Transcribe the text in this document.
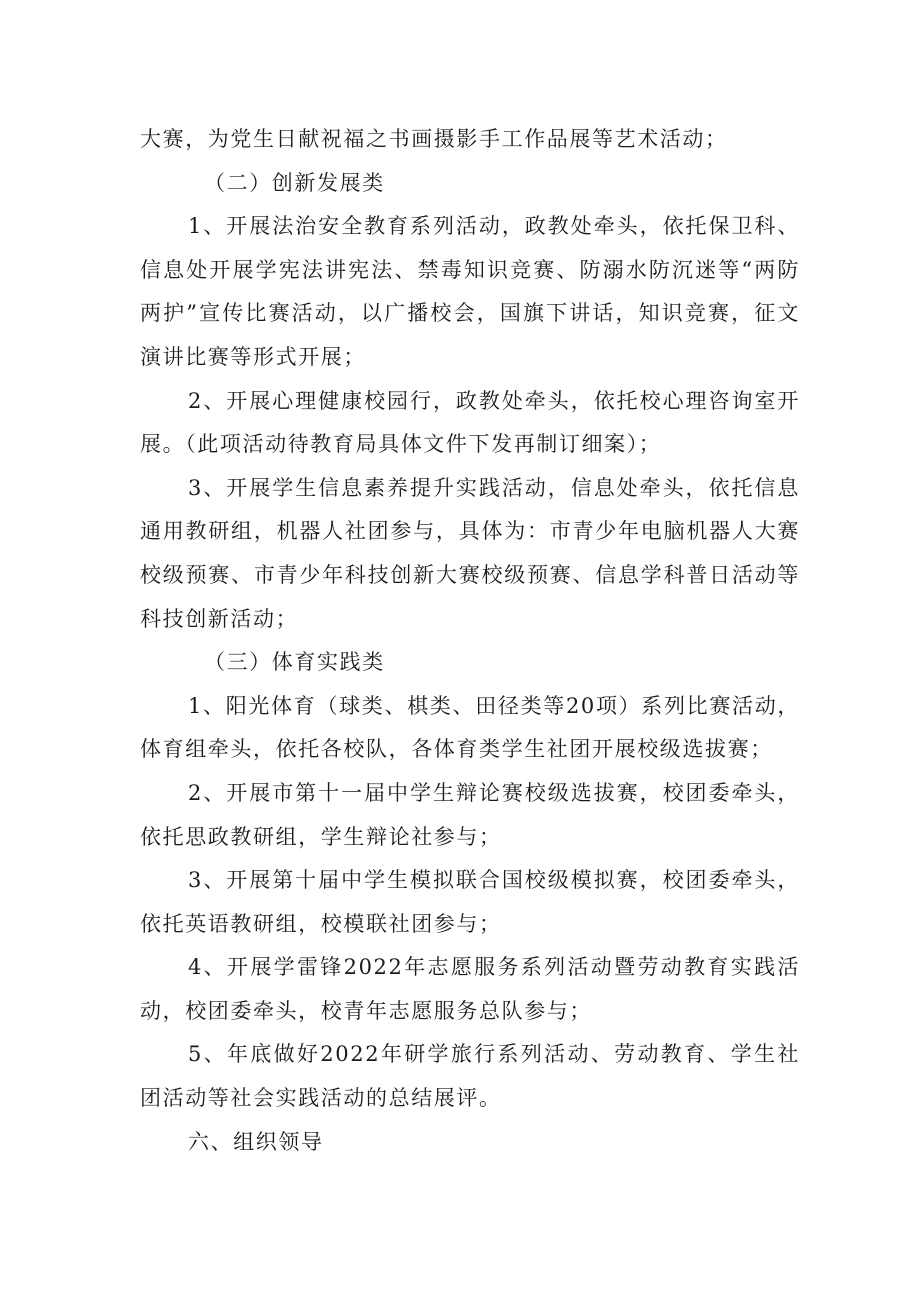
大赛，为党生日献祝福之书画摄影手工作品展等艺术活动；

（二）创新发展类

1、开展法治安全教育系列活动，政教处牵头，依托保卫科、信息处开展学宪法讲宪法、禁毒知识竞赛、防溺水防沉迷等“两防两护”宣传比赛活动，以广播校会，国旗下讲话，知识竞赛，征文演讲比赛等形式开展；

2、开展心理健康校园行，政教处牵头，依托校心理咨询室开展。（此项活动待教育局具体文件下发再制订细案）；

3、开展学生信息素养提升实践活动，信息处牵头，依托信息通用教研组，机器人社团参与，具体为：市青少年电脑机器人大赛校级预赛、市青少年科技创新大赛校级预赛、信息学科普日活动等科技创新活动；

（三）体育实践类

1、阳光体育（球类、棋类、田径类等20项）系列比赛活动，体育组牵头，依托各校队，各体育类学生社团开展校级选拔赛；

2、开展市第十一届中学生辩论赛校级选拔赛，校团委牵头，依托思政教研组，学生辩论社参与；

3、开展第十届中学生模拟联合国校级模拟赛，校团委牵头，依托英语教研组，校模联社团参与；

4、开展学雷锋2022年志愿服务系列活动暨劳动教育实践活动，校团委牵头，校青年志愿服务总队参与；

5、年底做好2022年研学旅行系列活动、劳动教育、学生社团活动等社会实践活动的总结展评。

六、组织领导
